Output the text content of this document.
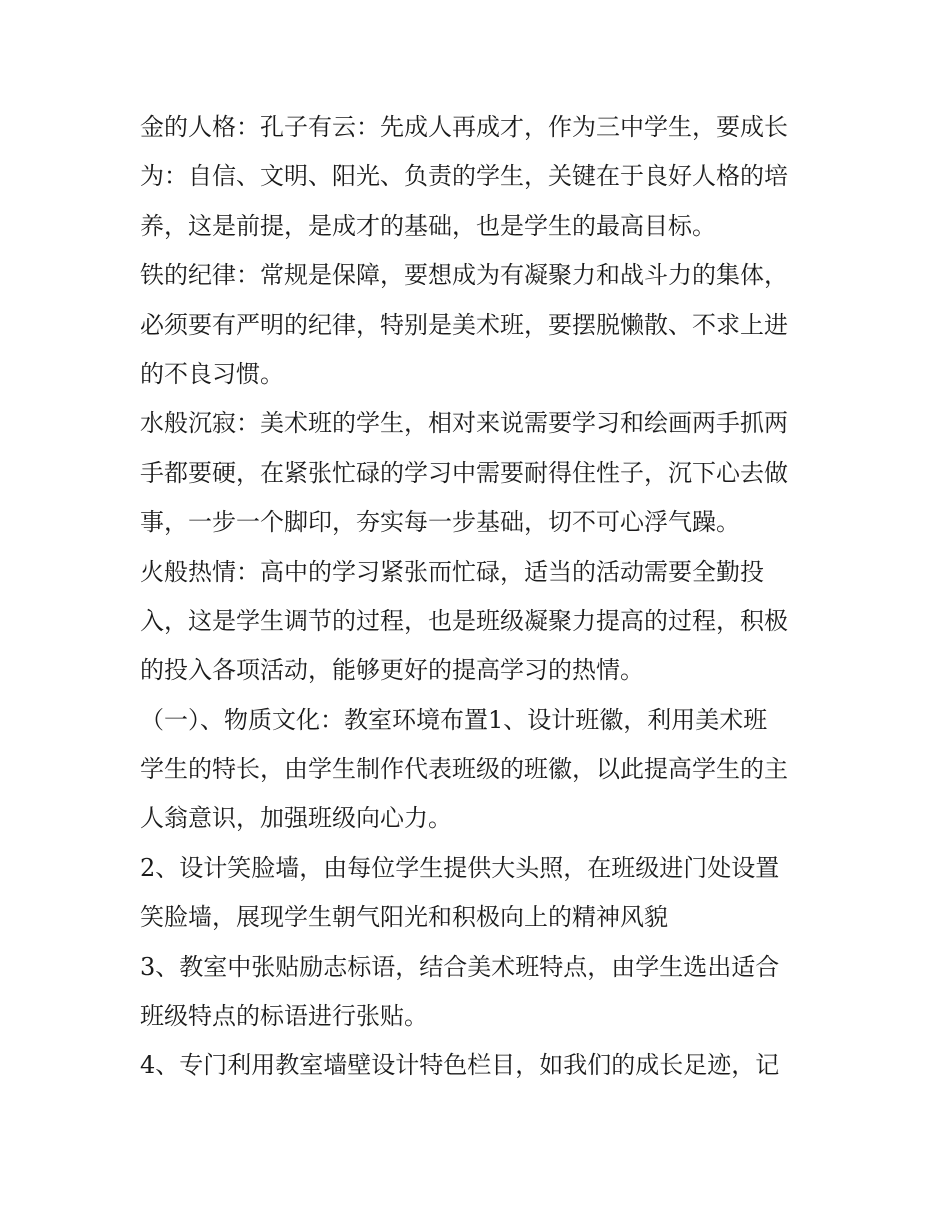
金的人格：孔子有云：先成人再成才，作为三中学生，要成长
为：自信、文明、阳光、负责的学生，关键在于良好人格的培
养，这是前提，是成才的基础，也是学生的最高目标。
铁的纪律：常规是保障，要想成为有凝聚力和战斗力的集体，
必须要有严明的纪律，特别是美术班，要摆脱懒散、不求上进
的不良习惯。
水般沉寂：美术班的学生，相对来说需要学习和绘画两手抓两
手都要硬，在紧张忙碌的学习中需要耐得住性子，沉下心去做
事，一步一个脚印，夯实每一步基础，切不可心浮气躁。
火般热情：高中的学习紧张而忙碌，适当的活动需要全勤投
入，这是学生调节的过程，也是班级凝聚力提高的过程，积极
的投入各项活动，能够更好的提高学习的热情。
（一）、物质文化：教室环境布置1、设计班徽，利用美术班
学生的特长，由学生制作代表班级的班徽，以此提高学生的主
人翁意识，加强班级向心力。
2、设计笑脸墙，由每位学生提供大头照，在班级进门处设置
笑脸墙，展现学生朝气阳光和积极向上的精神风貌
3、教室中张贴励志标语，结合美术班特点，由学生选出适合
班级特点的标语进行张贴。
4、专门利用教室墙壁设计特色栏目，如我们的成长足迹，记
